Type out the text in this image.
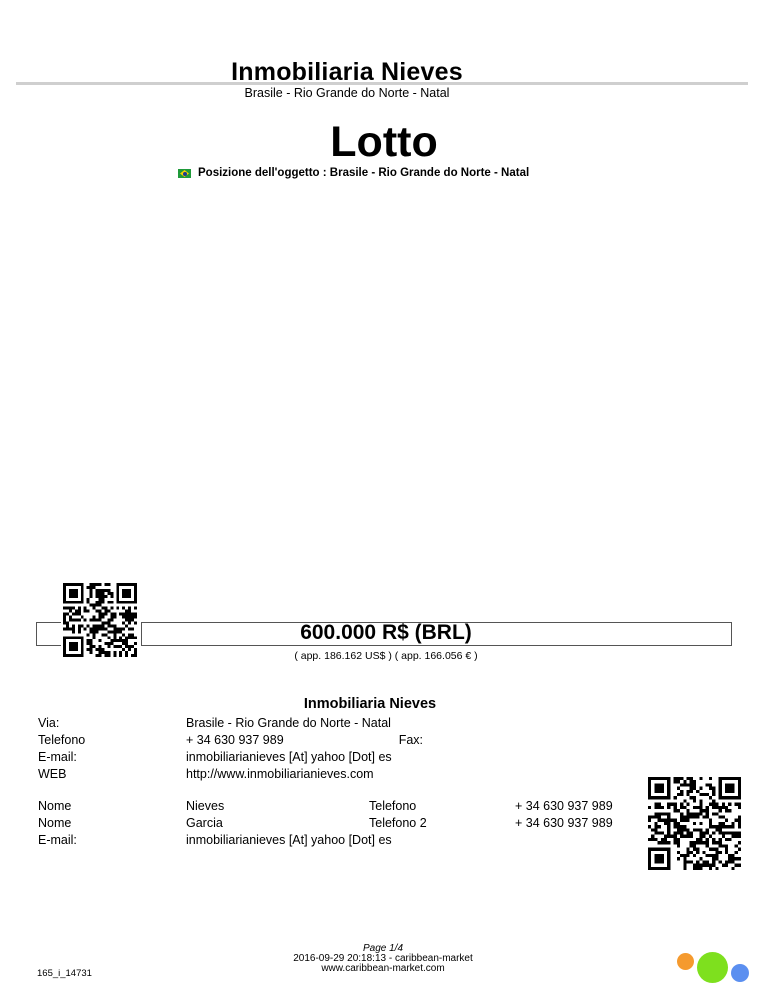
Inmobiliaria Nieves
Brasile - Rio Grande do Norte - Natal
Lotto
Posizione dell'oggetto : Brasile - Rio Grande do Norte - Natal
600.000 R$ (BRL)
( app. 186.162 US$ ) ( app. 166.056 € )
Inmobiliaria Nieves
Via:	Brasile - Rio Grande do Norte - Natal
Telefono	+ 34 630 937 989	Fax:
E-mail:	inmobiliarianieves [At] yahoo [Dot] es
WEB	http://www.inmobiliarianieves.com
Nome	Nieves	Telefono	+ 34 630 937 989
Nome	Garcia	Telefono 2	+ 34 630 937 989
E-mail:	inmobiliarianieves [At] yahoo [Dot] es
Page 1/4
2016-09-29 20:18:13 - caribbean-market
www.caribbean-market.com
165_i_14731
